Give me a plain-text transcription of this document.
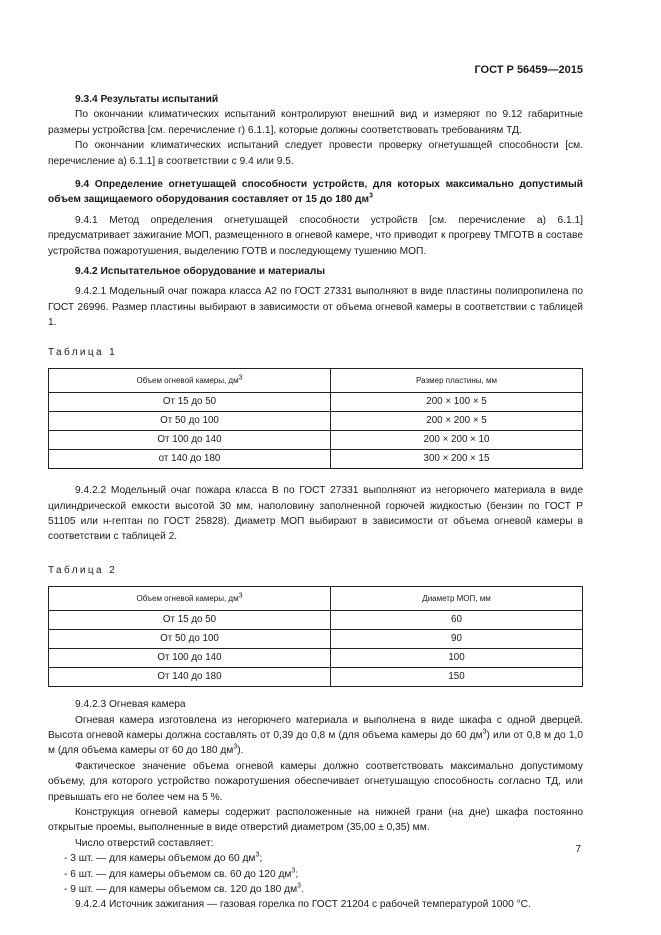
ГОСТ Р 56459—2015

9.3.4 Результаты испытаний

По окончании климатических испытаний контролируют внешний вид и измеряют по 9.12 габаритные размеры устройства [см. перечисление г) 6.1.1], которые должны соответствовать требованиям ТД.

По окончании климатических испытаний следует провести проверку огнетушащей способности [см. перечисление а) 6.1.1] в соответствии с 9.4 или 9.5.

9.4 Определение огнетушащей способности устройств, для которых максимально допустимый объем защищаемого оборудования составляет от 15 до 180 $дм^3$

9.4.1 Метод определения огнетушащей способности устройств [см. перечисление а) 6.1.1] предусматривает зажигание МОП, размещенного в огневой камере, что приводит к прогреву ТМГОТВ в составе устройства пожаротушения, выделению ГОТВ и последующему тушению МОП.

9.4.2 Испытательное оборудование и материалы

9.4.2.1 Модельный очаг пожара класса А2 по ГОСТ 27331 выполняют в виде пластины полипропилена по ГОСТ 26996. Размер пластины выбирают в зависимости от объема огневой камеры в соответствии с таблицей 1.

Таблица 1

Объем огневой камеры, $дм^3$	Размер пластины, мм
От 15 до 50	200 × 100 × 5
От 50 до 100	200 × 200 × 5
От 100 до 140	200 × 200 × 10
от 140 до 180	300 × 200 × 15

9.4.2.2 Модельный очаг пожара класса В по ГОСТ 27331 выполняют из негорючего материала в виде цилиндрической емкости высотой 30 мм, наполовину заполненной горючей жидкостью (бензин по ГОСТ Р 51105 или н-гептан по ГОСТ 25828). Диаметр МОП выбирают в зависимости от объема огневой камеры в соответствии с таблицей 2.

Таблица 2

Объем огневой камеры, $дм^3$	Диаметр МОП, мм
От 15 до 50	60
От 50 до 100	90
От 100 до 140	100
От 140 до 180	150

9.4.2.3 Огневая камера

Огневая камера изготовлена из негорючего материала и выполнена в виде шкафа с одной дверцей. Высота огневой камеры должна составлять от 0,39 до 0,8 м (для объема камеры до 60 $дм^3$) или от 0,8 м до 1,0 м (для объема камеры от 60 до 180 $дм^3$).

Фактическое значение объема огневой камеры должно соответствовать максимально допустимому объему, для которого устройство пожаротушения обеспечивает огнетушащую способность согласно ТД, или превышать его не более чем на 5 %.

Конструкция огневой камеры содержит расположенные на нижней грани (на дне) шкафа постоянно открытые проемы, выполненные в виде отверстий диаметром (35,00 ± 0,35) мм.

Число отверстий составляет:

- 3 шт. — для камеры объемом до 60 $дм^3$;

- 6 шт. — для камеры объемом св. 60 до 120 $дм^3$;

- 9 шт. — для камеры объемом св. 120 до 180 $дм^3$.

9.4.2.4 Источник зажигания — газовая горелка по ГОСТ 21204 с рабочей температурой 1000 °С.

7
